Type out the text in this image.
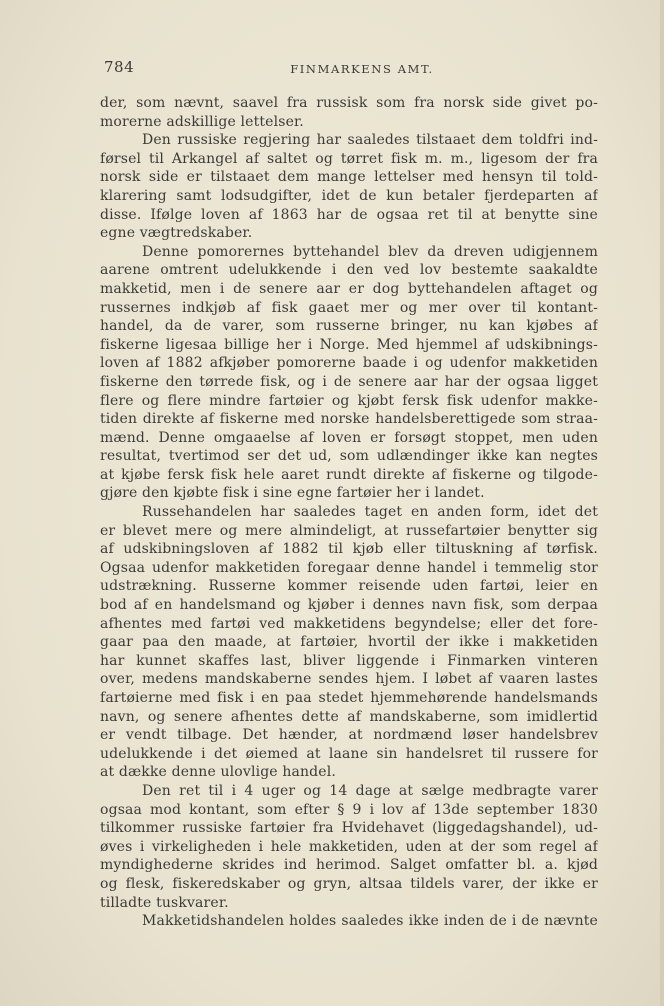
784	FINMARKENS AMT.
der, som nævnt, saavel fra russisk som fra norsk side givet po-
morerne adskillige lettelser.
Den russiske regjering har saaledes tilstaaet dem toldfri ind-
førsel til Arkangel af saltet og tørret fisk m. m., ligesom der fra
norsk side er tilstaaet dem mange lettelser med hensyn til told-
klarering samt lodsudgifter, idet de kun betaler fjerdeparten af
disse. Ifølge loven af 1863 har de ogsaa ret til at benytte sine
egne vægtredskaber.
Denne pomorernes byttehandel blev da dreven udigjennem
aarene omtrent udelukkende i den ved lov bestemte saakaldte
makketid, men i de senere aar er dog byttehandelen aftaget og
russernes indkjøb af fisk gaaet mer og mer over til kontant-
handel, da de varer, som russerne bringer, nu kan kjøbes af
fiskerne ligesaa billige her i Norge. Med hjemmel af udskibnings-
loven af 1882 afkjøber pomorerne baade i og udenfor makketiden
fiskerne den tørrede fisk, og i de senere aar har der ogsaa ligget
flere og flere mindre fartøier og kjøbt fersk fisk udenfor makke-
tiden direkte af fiskerne med norske handelsberettigede som straa-
mænd. Denne omgaaelse af loven er forsøgt stoppet, men uden
resultat, tvertimod ser det ud, som udlændinger ikke kan negtes
at kjøbe fersk fisk hele aaret rundt direkte af fiskerne og tilgode-
gjøre den kjøbte fisk i sine egne fartøier her i landet.
Russehandelen har saaledes taget en anden form, idet det
er blevet mere og mere almindeligt, at russefartøier benytter sig
af udskibningsloven af 1882 til kjøb eller tiltuskning af tørfisk.
Ogsaa udenfor makketiden foregaar denne handel i temmelig stor
udstrækning. Russerne kommer reisende uden fartøi, leier en
bod af en handelsmand og kjøber i dennes navn fisk, som derpaa
afhentes med fartøi ved makketidens begyndelse; eller det fore-
gaar paa den maade, at fartøier, hvortil der ikke i makketiden
har kunnet skaffes last, bliver liggende i Finmarken vinteren
over, medens mandskaberne sendes hjem. I løbet af vaaren lastes
fartøierne med fisk i en paa stedet hjemmehørende handelsmands
navn, og senere afhentes dette af mandskaberne, som imidlertid
er vendt tilbage. Det hænder, at nordmænd løser handelsbrev
udelukkende i det øiemed at laane sin handelsret til russere for
at dække denne ulovlige handel.
Den ret til i 4 uger og 14 dage at sælge medbragte varer
ogsaa mod kontant, som efter § 9 i lov af 13de september 1830
tilkommer russiske fartøier fra Hvidehavet (liggedagshandel), ud-
øves i virkeligheden i hele makketiden, uden at der som regel af
myndighederne skrides ind herimod. Salget omfatter bl. a. kjød
og flesk, fiskeredskaber og gryn, altsaa tildels varer, der ikke er
tilladte tuskvarer.
Makketidshandelen holdes saaledes ikke inden de i de nævnte
